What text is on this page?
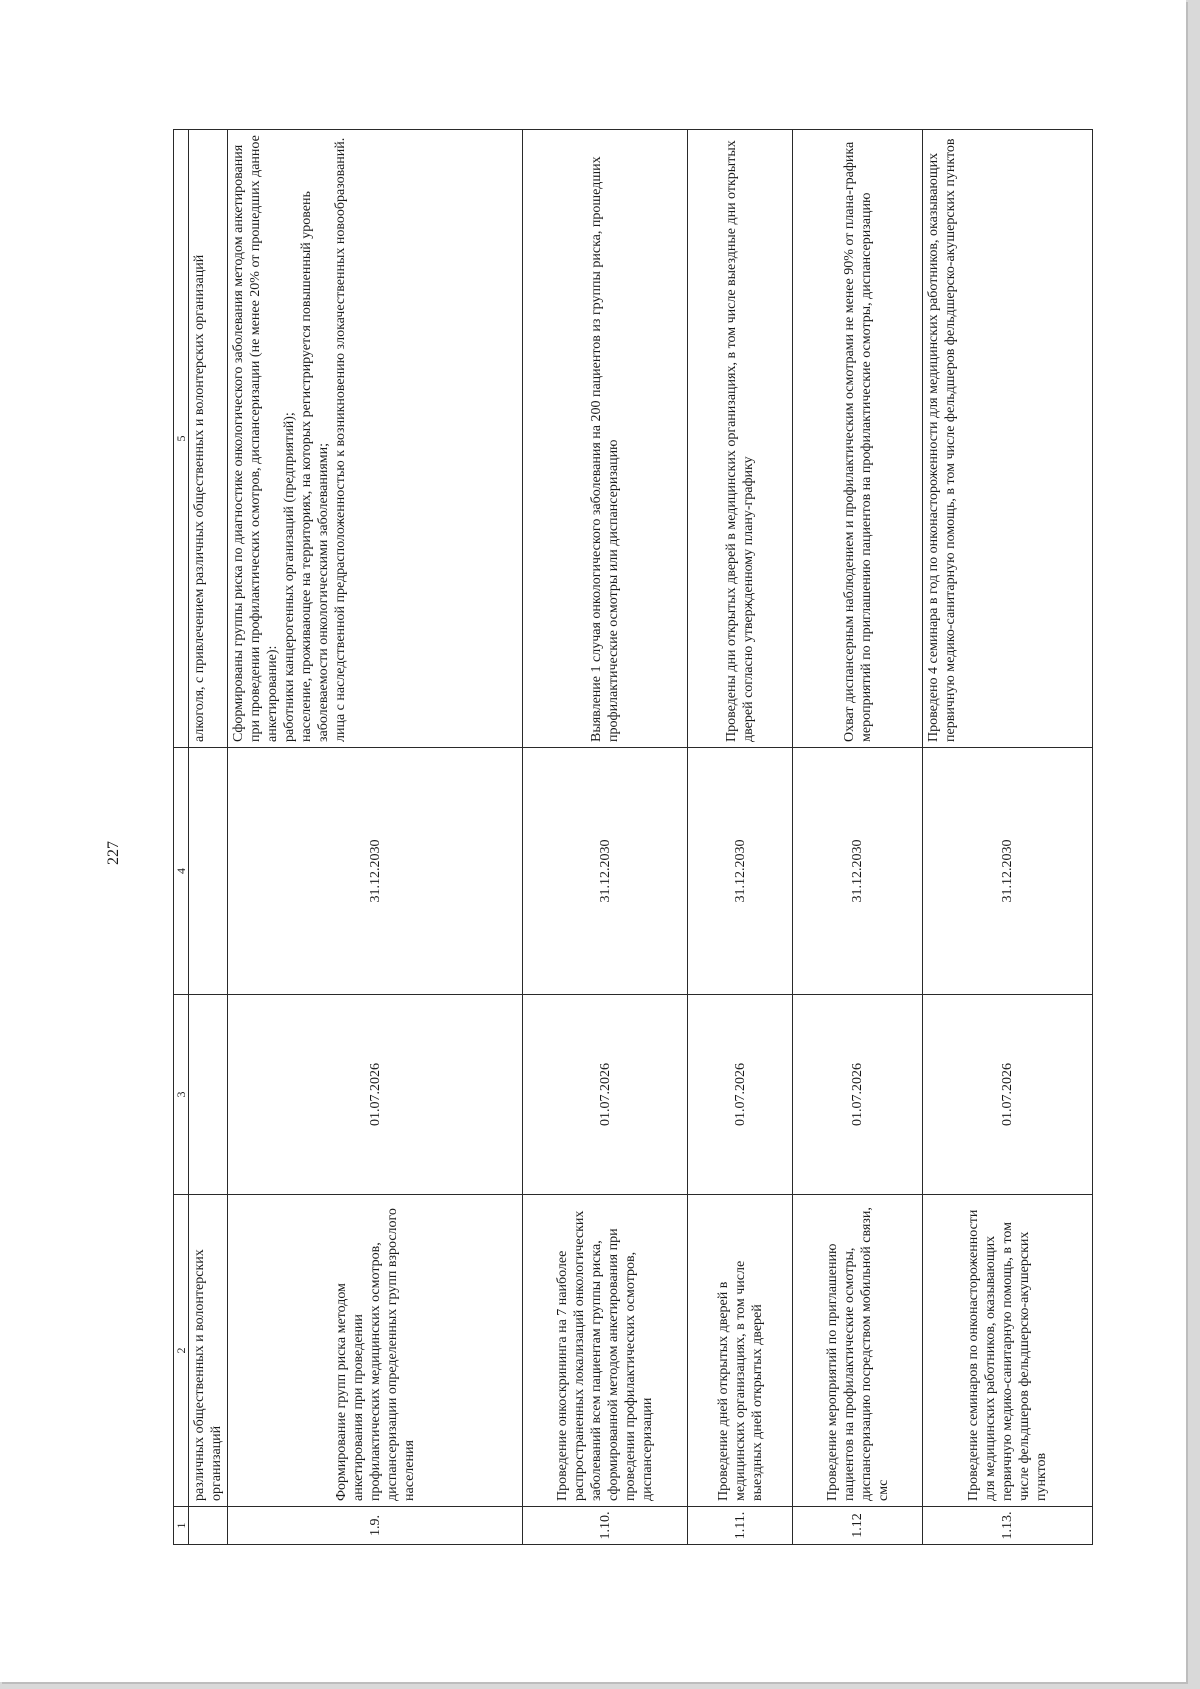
227
1	2	3	4	5
	различных общественных и волонтерских организаций			алкоголя, с привлечением различных общественных и волонтерских организаций
1.9.	Формирование групп риска методом анкетирования при проведении профилактических медицинских осмотров, диспансеризации определенных групп взрослого населения	01.07.2026	31.12.2030	Сформированы группы риска по диагностике онкологического заболевания методом анкетирования при проведении профилактических осмотров, диспансеризации (не менее 20% от прошедших данное анкетирование): работники канцерогенных организаций (предприятий); население, проживающее на территориях, на которых регистрируется повышенный уровень заболеваемости онкологическими заболеваниями; лица с наследственной предрасположенностью к возникновению злокачественных новообразований.

1.10.	Проведение онкоскрининга на 7 наиболее распространенных локализаций онкологических заболеваний всем пациентам группы риска, сформированной методом анкетирования при проведении профилактических осмотров, диспансеризации	01.07.2026	31.12.2030	Выявление 1 случая онкологического заболевания на 200 пациентов из группы риска, прошедших профилактические осмотры или диспансеризацию
1.11.	Проведение дней открытых дверей в медицинских организациях, в том числе выездных дней открытых дверей	01.07.2026	31.12.2030	Проведены дни открытых дверей в медицинских организациях, в том числе выездные дни открытых дверей согласно утвержденному плану-графику
1.12	Проведение мероприятий по приглашению пациентов на профилактические осмотры, диспансеризацию посредством мобильной связи, смс	01.07.2026	31.12.2030	Охват диспансерным наблюдением и профилактическим осмотрами не менее 90% от плана-графика мероприятий по приглашению пациентов на профилактические осмотры, диспансеризацию
1.13.	Проведение семинаров по онконастороженности для медицинских работников, оказывающих первичную медико-санитарную помощь, в том числе фельдшеров фельдшерско-акушерских пунктов	01.07.2026	31.12.2030	Проведено 4 семинара в год по онконастороженности для медицинских работников, оказывающих первичную медико-санитарную помощь, в том числе фельдшеров фельдшерско-акушерских пунктов
